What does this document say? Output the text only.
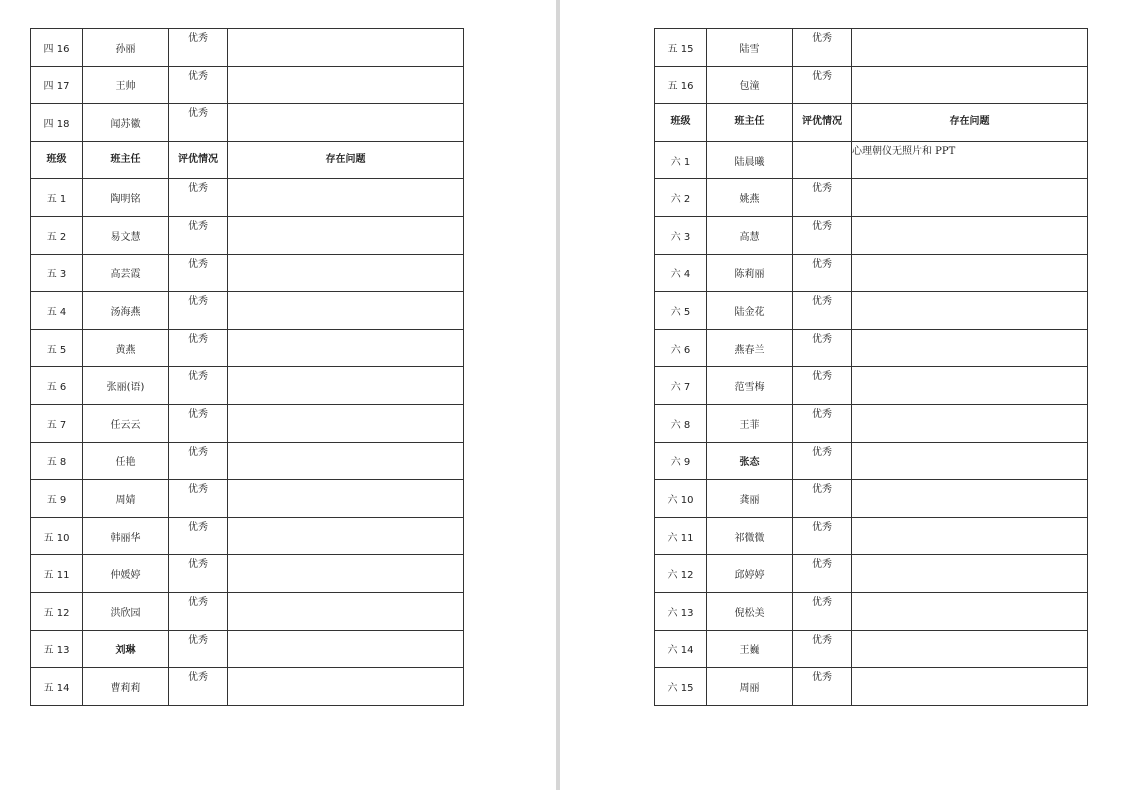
四 16	孙丽	优秀	
四 17	王帅	优秀	
四 18	闻苏徽	优秀	
班级	班主任	评优情况	存在问题
五 1	陶明铭	优秀	
五 2	易文慧	优秀	
五 3	高芸霞	优秀	
五 4	汤海燕	优秀	
五 5	黄燕	优秀	
五 6	张丽(语)	优秀	
五 7	任云云	优秀	
五 8	任艳	优秀	
五 9	周婧	优秀	
五 10	韩丽华	优秀	
五 11	仲媛婷	优秀	
五 12	洪欣园	优秀	
五 13	刘琳	优秀	
五 14	曹莉莉	优秀	
五 15	陆雪	优秀	
五 16	包潼	优秀	
班级	班主任	评优情况	存在问题
六 1	陆晨曦		心理朝仪无照片和 PPT
六 2	姚燕	优秀	
六 3	高慧	优秀	
六 4	陈莉丽	优秀	
六 5	陆金花	优秀	
六 6	燕春兰	优秀	
六 7	范雪梅	优秀	
六 8	王菲	优秀	
六 9	张态	优秀	
六 10	龚丽	优秀	
六 11	祁微微	优秀	
六 12	邱婷婷	优秀	
六 13	倪松美	优秀	
六 14	王巍	优秀	
六 15	周丽	优秀	
